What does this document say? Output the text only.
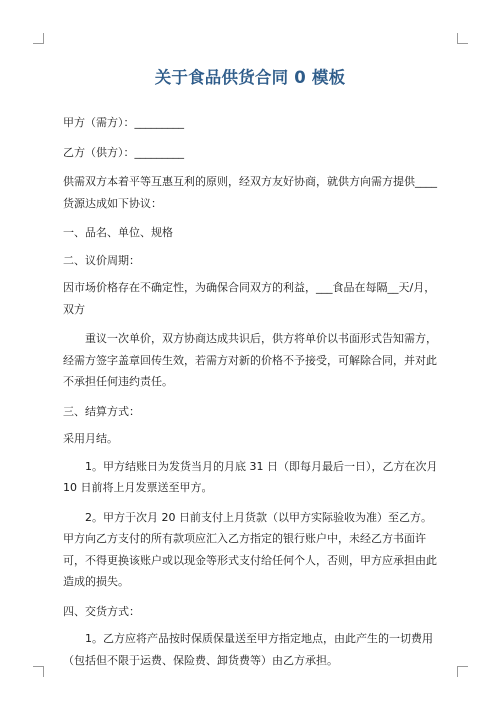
关于食品供货合同 0 模板

甲方（需方）：_________

乙方（供方）：_________

供需双方本着平等互惠互利的原则，经双方友好协商，就供方向需方提供____货源达成如下协议：

一、品名、单位、规格

二、议价周期：

因市场价格存在不确定性，为确保合同双方的利益，___食品在每隔__天/月，双方

重议一次单价，双方协商达成共识后，供方将单价以书面形式告知需方，经需方签字盖章回传生效，若需方对新的价格不予接受，可解除合同，并对此不承担任何违约责任。

三、结算方式：

采用月结。

1。甲方结账日为发货当月的月底 31 日（即每月最后一日），乙方在次月 10 日前将上月发票送至甲方。

2。甲方于次月 20 日前支付上月货款（以甲方实际验收为准）至乙方。甲方向乙方支付的所有款项应汇入乙方指定的银行账户中，未经乙方书面许可，不得更换该账户或以现金等形式支付给任何个人，否则，甲方应承担由此造成的损失。

四、交货方式：

1。乙方应将产品按时保质保量送至甲方指定地点，由此产生的一切费用（包括但不限于运费、保险费、卸货费等）由乙方承担。
